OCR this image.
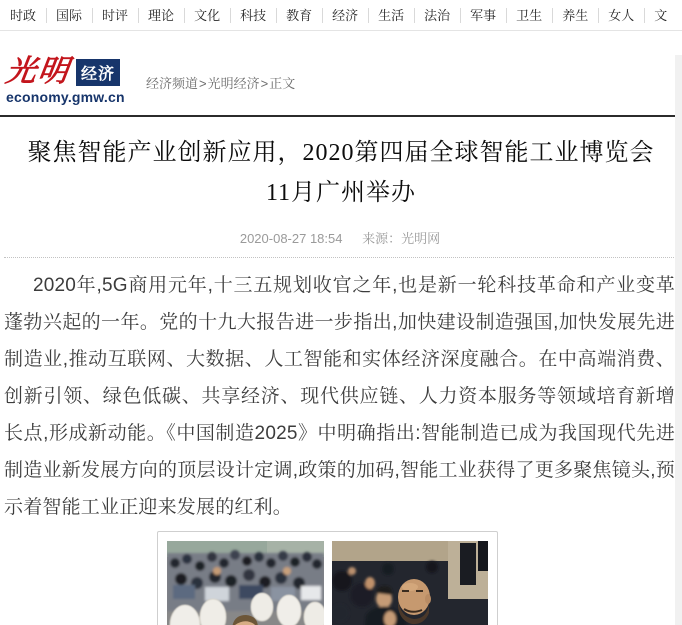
时政	国际	时评	理论	文化	科技	教育	经济	生活	法治	军事	卫生	养生	女人	文
光明 经济
economy.gmw.cn
经济频道>光明经济>正文
聚焦智能产业创新应用，2020第四届全球智能工业博览会
11月广州举办
2020-08-27 18:54 来源：光明网

2020年,5G商用元年,十三五规划收官之年,也是新一轮科技革命和产业变革蓬勃兴起的一年。党的十九大报告进一步指出,加快建设制造强国,加快发展先进制造业,推动互联网、大数据、人工智能和实体经济深度融合。在中高端消费、创新引领、绿色低碳、共享经济、现代供应链、人力资本服务等领域培育新增长点,形成新动能。《中国制造2025》中明确指出:智能制造已成为我国现代先进制造业新发展方向的顶层设计定调,政策的加码,智能工业获得了更多聚焦镜头,预示着智能工业正迎来发展的红利。
